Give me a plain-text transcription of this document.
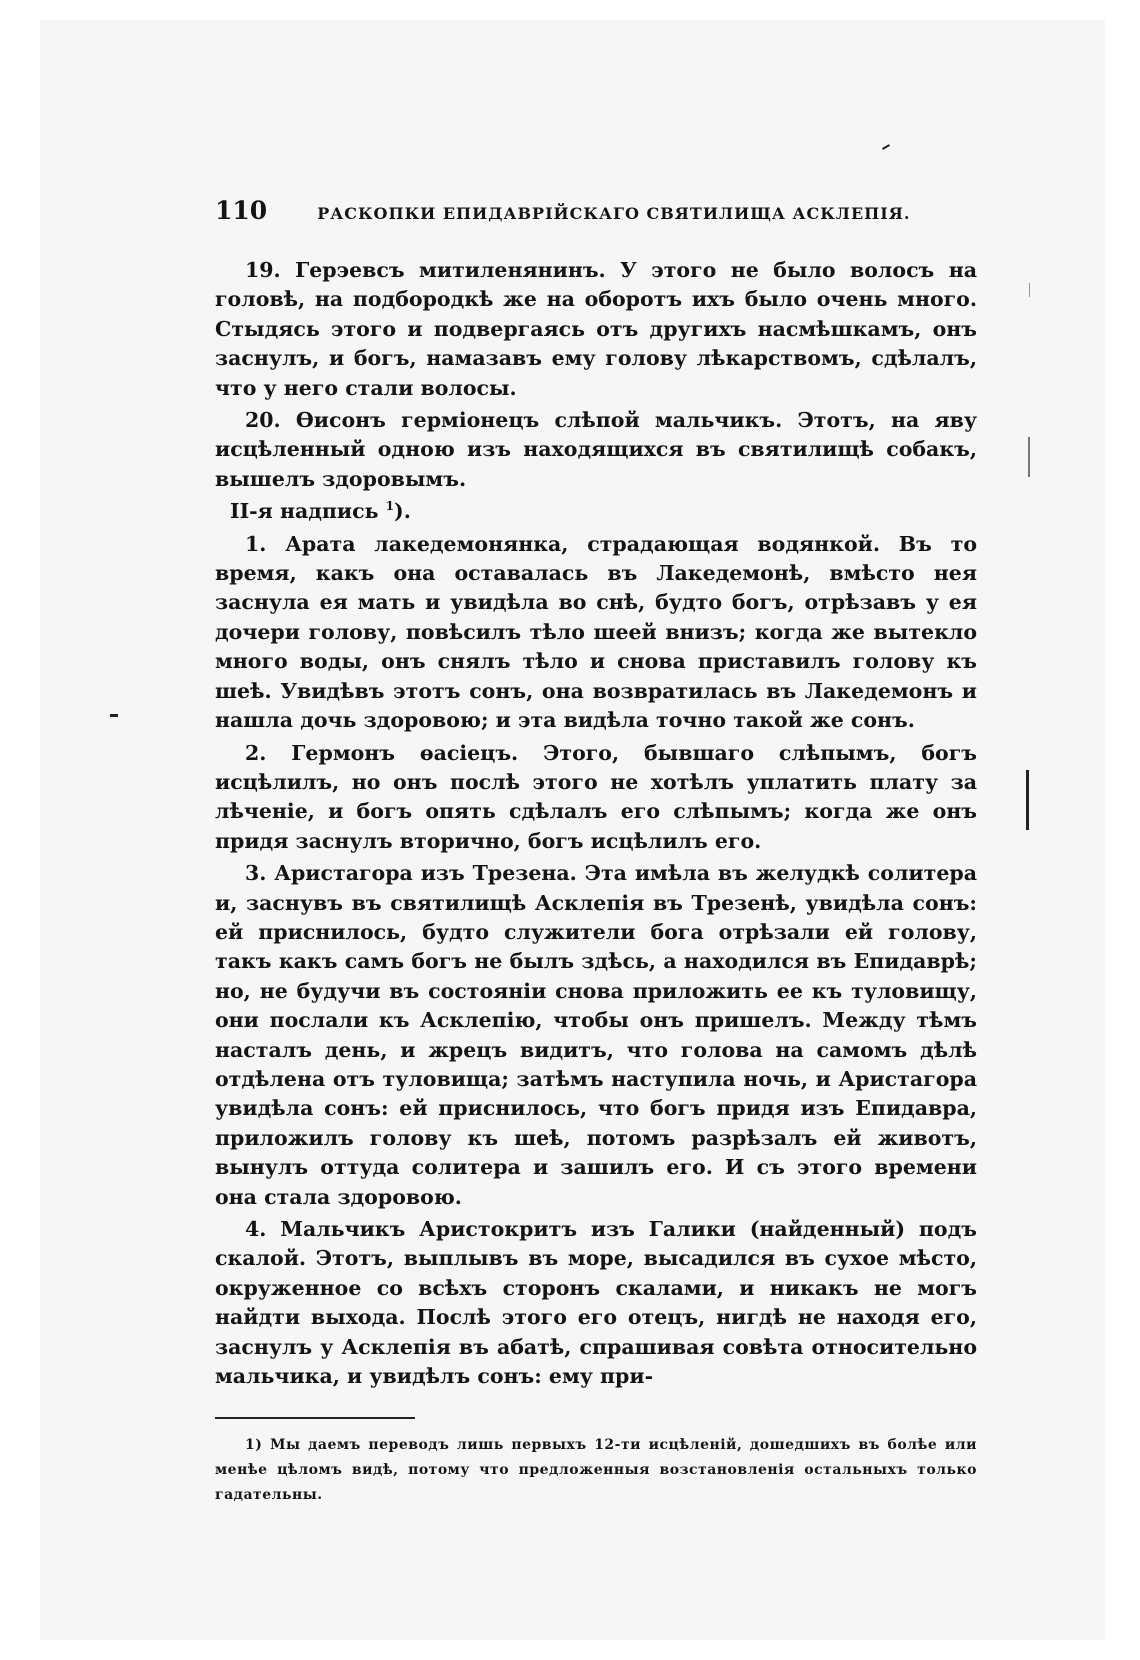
110	РАСКОПКИ ЕПИДАВРІЙСКАГО СВЯТИЛИЩА АСКЛЕПІЯ.

19. Герэевсъ митиленянинъ. У этого не было волосъ на головѣ, на подбородкѣ же на оборотъ ихъ было очень много. Стыдясь этого и подвергаясь отъ другихъ насмѣшкамъ, онъ заснулъ, и богъ, намазавъ ему голову лѣкарствомъ, сдѣлалъ, что у него стали волосы.

20. Өисонъ герміонецъ слѣпой мальчикъ. Этотъ, на яву исцѣленный одною изъ находящихся въ святилищѣ собакъ, вышелъ здоровымъ.

II-я надпись $^1$).

1. Арата лакедемонянка, страдающая водянкой. Въ то время, какъ она оставалась въ Лакедемонѣ, вмѣсто нея заснула ея мать и увидѣла во снѣ, будто богъ, отрѣзавъ у ея дочери голову, повѣсилъ тѣло шеей внизъ; когда же вытекло много воды, онъ снялъ тѣло и снова приставилъ голову къ шеѣ. Увидѣвъ этотъ сонъ, она возвратилась въ Лакедемонъ и нашла дочь здоровою; и эта видѣла точно такой же сонъ.

2. Гермонъ өасіецъ. Этого, бывшаго слѣпымъ, богъ исцѣлилъ, но онъ послѣ этого не хотѣлъ уплатить плату за лѣченіе, и богъ опять сдѣлалъ его слѣпымъ; когда же онъ придя заснулъ вторично, богъ исцѣлилъ его.

3. Аристагора изъ Трезена. Эта имѣла въ желудкѣ солитера и, заснувъ въ святилищѣ Асклепія въ Трезенѣ, увидѣла сонъ: ей приснилось, будто служители бога отрѣзали ей голову, такъ какъ самъ богъ не былъ здѣсь, а находился въ Епидаврѣ; но, не будучи въ состояніи снова приложить ее къ туловищу, они послали къ Асклепію, чтобы онъ пришелъ. Между тѣмъ насталъ день, и жрецъ видитъ, что голова на самомъ дѣлѣ отдѣлена отъ туловища; затѣмъ наступила ночь, и Аристагора увидѣла сонъ: ей приснилось, что богъ придя изъ Епидавра, приложилъ голову къ шеѣ, потомъ разрѣзалъ ей животъ, вынулъ оттуда солитера и зашилъ его. И съ этого времени она стала здоровою.

4. Мальчикъ Аристокритъ изъ Галики (найденный) подъ скалой. Этотъ, выплывъ въ море, высадился въ сухое мѣсто, окруженное со всѣхъ сторонъ скалами, и никакъ не могъ найдти выхода. Послѣ этого его отецъ, нигдѣ не находя его, заснулъ у Асклепія въ абатѣ, спрашивая совѣта относительно мальчика, и увидѣлъ сонъ: ему при-

1) Мы даемъ переводъ лишь первыхъ 12-ти исцѣленій, дошедшихъ въ болѣе или менѣе цѣломъ видѣ, потому что предложенныя возстановленія остальныхъ только гадательны.
